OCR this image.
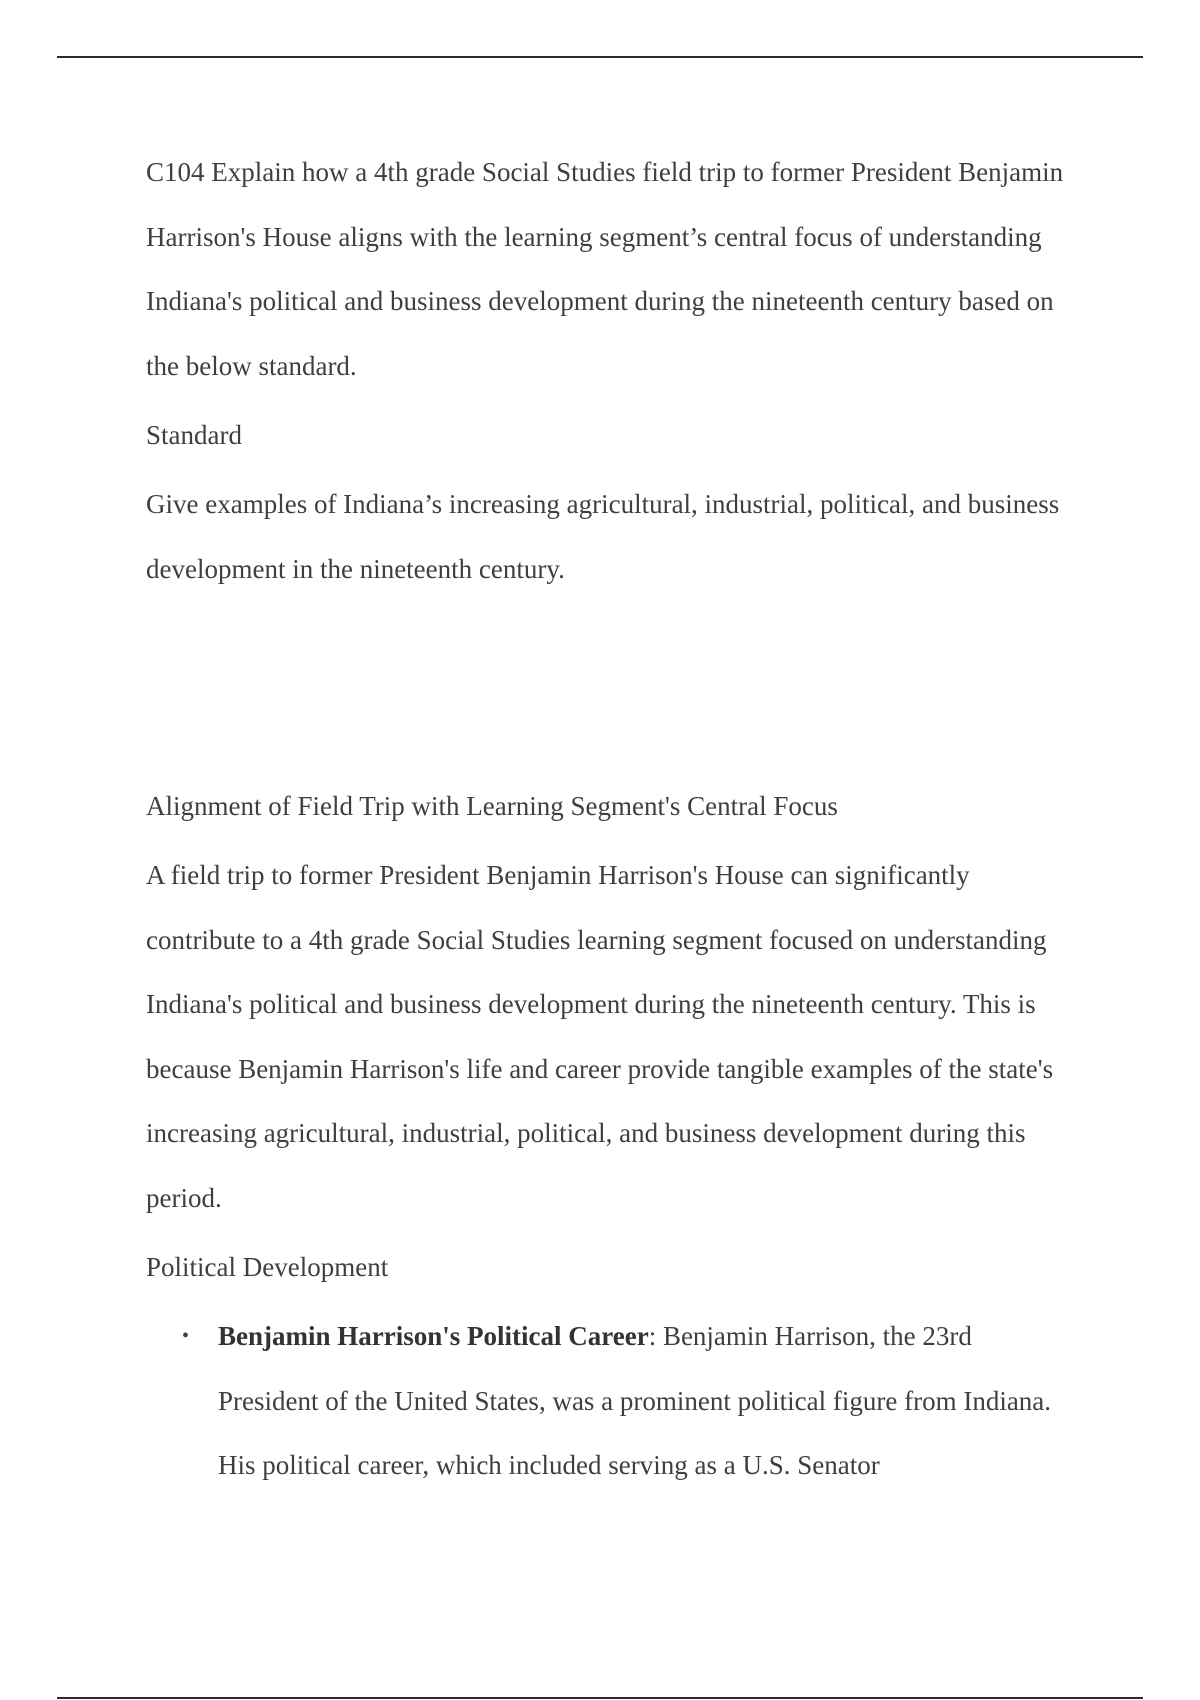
C104 Explain how a 4th grade Social Studies field trip to former President Benjamin Harrison's House aligns with the learning segment’s central focus of understanding Indiana's political and business development during the nineteenth century based on the below standard.

Standard

Give examples of Indiana’s increasing agricultural, industrial, political, and business development in the nineteenth century.

Alignment of Field Trip with Learning Segment's Central Focus

A field trip to former President Benjamin Harrison's House can significantly contribute to a 4th grade Social Studies learning segment focused on understanding Indiana's political and business development during the nineteenth century. This is because Benjamin Harrison's life and career provide tangible examples of the state's increasing agricultural, industrial, political, and business development during this period.

Political Development

• Benjamin Harrison's Political Career: Benjamin Harrison, the 23rd President of the United States, was a prominent political figure from Indiana. His political career, which included serving as a U.S. Senator
